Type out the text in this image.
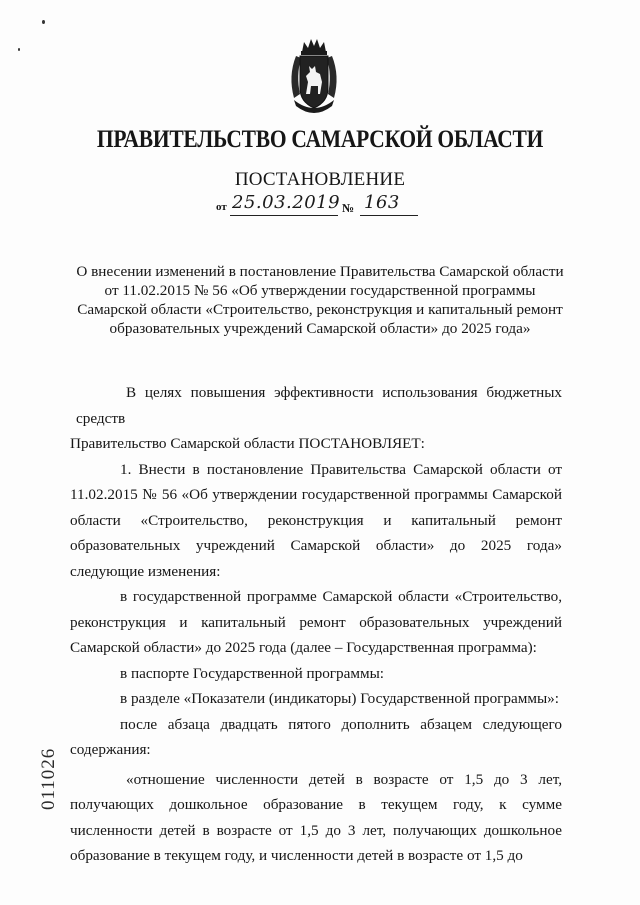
ПРАВИТЕЛЬСТВО САМАРСКОЙ ОБЛАСТИ
ПОСТАНОВЛЕНИЕ
от 25.03.2019 № 163
О внесении изменений в постановление Правительства Самарской области
от 11.02.2015 № 56 «Об утверждении государственной программы
Самарской области «Строительство, реконструкция и капитальный ремонт
образовательных учреждений Самарской области» до 2025 года»

В целях повышения эффективности использования бюджетных средств

Правительство Самарской области ПОСТАНОВЛЯЕТ:

1. Внести в постановление Правительства Самарской области от 11.02.2015 № 56 «Об утверждении государственной программы Самарской области «Строительство, реконструкция и капитальный ремонт образовательных учреждений Самарской области» до 2025 года» следующие изменения:

в государственной программе Самарской области «Строительство, реконструкция и капитальный ремонт образовательных учреждений Самарской области» до 2025 года (далее – Государственная программа):

в паспорте Государственной программы:

в разделе «Показатели (индикаторы) Государственной программы»:

после абзаца двадцать пятого дополнить абзацем следующего содержания:

«отношение численности детей в возрасте от 1,5 до 3 лет, получающих дошкольное образование в текущем году, к сумме численности детей в возрасте от 1,5 до 3 лет, получающих дошкольное образование в текущем году, и численности детей в возрасте от 1,5 до

011026
